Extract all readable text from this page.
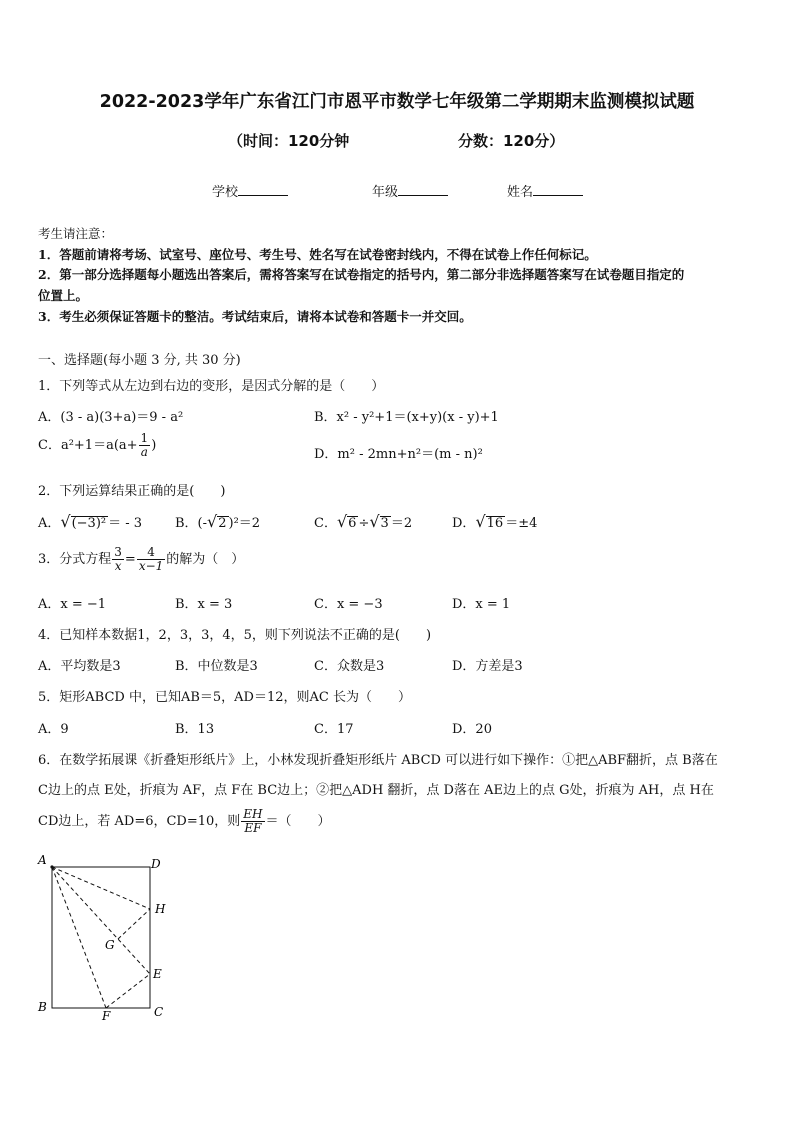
2022-2023学年广东省江门市恩平市数学七年级第二学期期末监测模拟试题
（时间：120分钟	分数：120分）
学校	年级	姓名
考生请注意：
1．答题前请将考场、试室号、座位号、考生号、姓名写在试卷密封线内，不得在试卷上作任何标记。
2．第一部分选择题每小题选出答案后，需将答案写在试卷指定的括号内，第二部分非选择题答案写在试卷题目指定的
位置上。
3．考生必须保证答题卡的整洁。考试结束后，请将本试卷和答题卡一并交回。
一、选择题(每小题 3 分, 共 30 分)
1．下列等式从左边到右边的变形，是因式分解的是（　　）
A．(3 - a)(3+a)＝9 - a²	B．x² - y²+1＝(x+y)(x - y)+1
C．$a^2+1=a(a+ \frac{1}{a}$ )
D．m² - 2mn+n²＝(m - n)²
2．下列运算结果正确的是(　　)
A．√(−3)² ＝ - 3	B．(-√2 )²＝2	C．√6 ÷√3 ＝2	D．√16 ＝±4
3．分式方程 $\frac{3}{x} = \frac{4}{x-1}$ 的解为（　）
A．x = −1	B．x = 3	C．x = −3	D．x = 1
4．已知样本数据1，2，3，3，4，5，则下列说法不正确的是(　　)
A．平均数是3	B．中位数是3	C．众数是3	D．方差是3
5．矩形ABCD 中，已知AB＝5，AD＝12，则AC 长为（　　）
A．9	B．13	C．17	D．20
6．在数学拓展课《折叠矩形纸片》上，小林发现折叠矩形纸片 ABCD 可以进行如下操作：①把△ABF翻折，点 B落在
C边上的点 E处，折痕为 AF，点 F在 BC边上；②把△ADH 翻折，点 D落在 AE边上的点 G处，折痕为 AH，点 H在
CD边上，若 AD=6，CD=10，则 $\frac{EH}{EF}$ ＝（　　）
A	D
B	C
E
F
G
H
